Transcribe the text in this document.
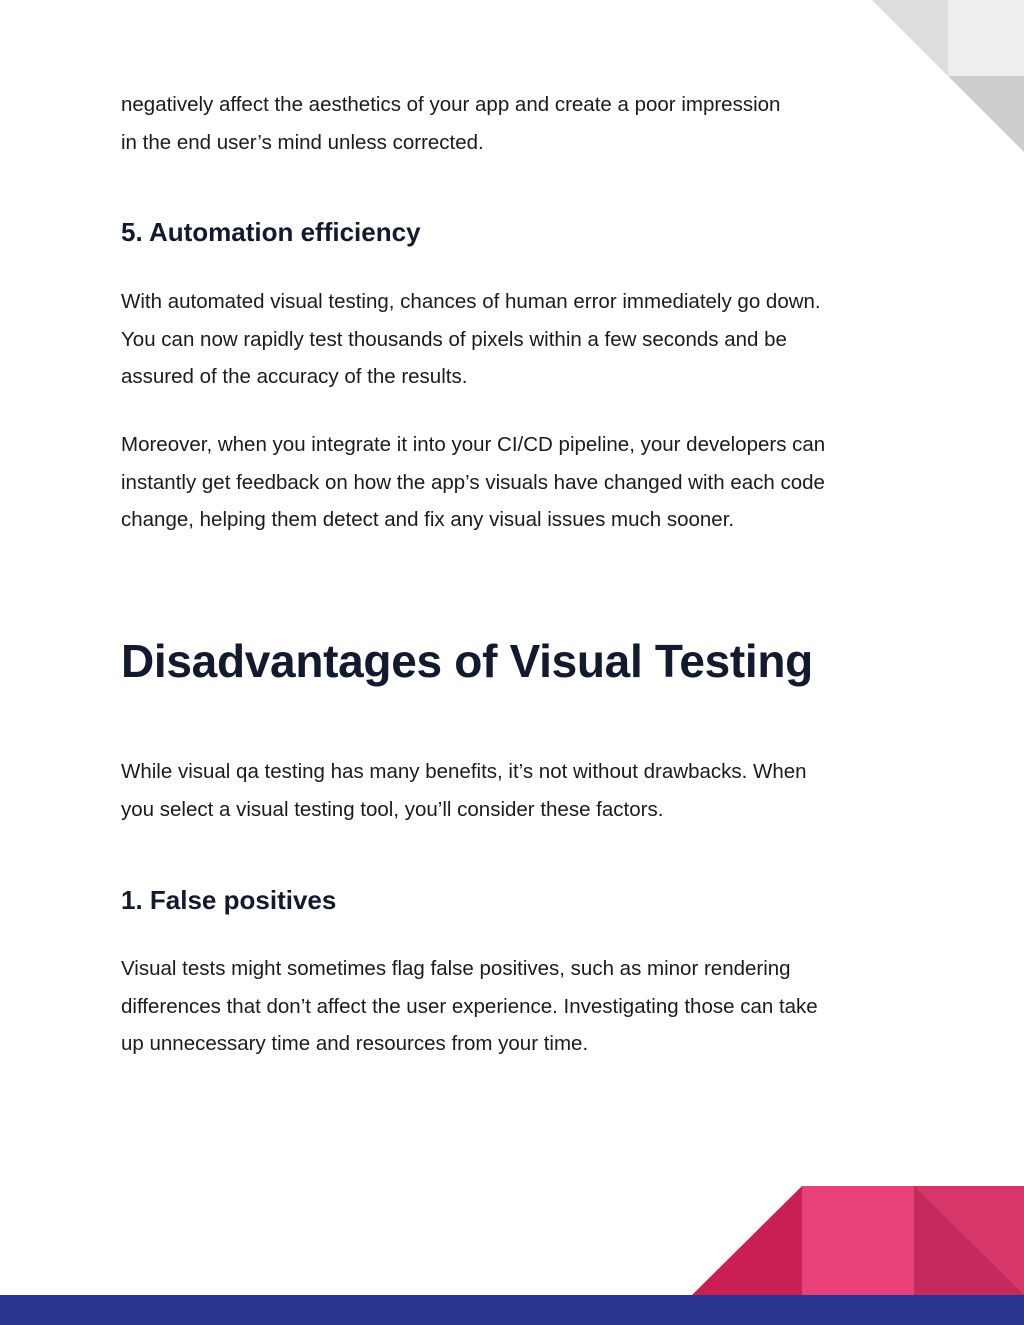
negatively affect the aesthetics of your app and create a poor impression
in the end user’s mind unless corrected.

5. Automation efficiency

With automated visual testing, chances of human error immediately go down.
You can now rapidly test thousands of pixels within a few seconds and be
assured of the accuracy of the results.

Moreover, when you integrate it into your CI/CD pipeline, your developers can
instantly get feedback on how the app’s visuals have changed with each code
change, helping them detect and fix any visual issues much sooner.

Disadvantages of Visual Testing

While visual qa testing has many benefits, it’s not without drawbacks. When
you select a visual testing tool, you’ll consider these factors.

1. False positives

Visual tests might sometimes flag false positives, such as minor rendering
differences that don’t affect the user experience. Investigating those can take
up unnecessary time and resources from your time.
